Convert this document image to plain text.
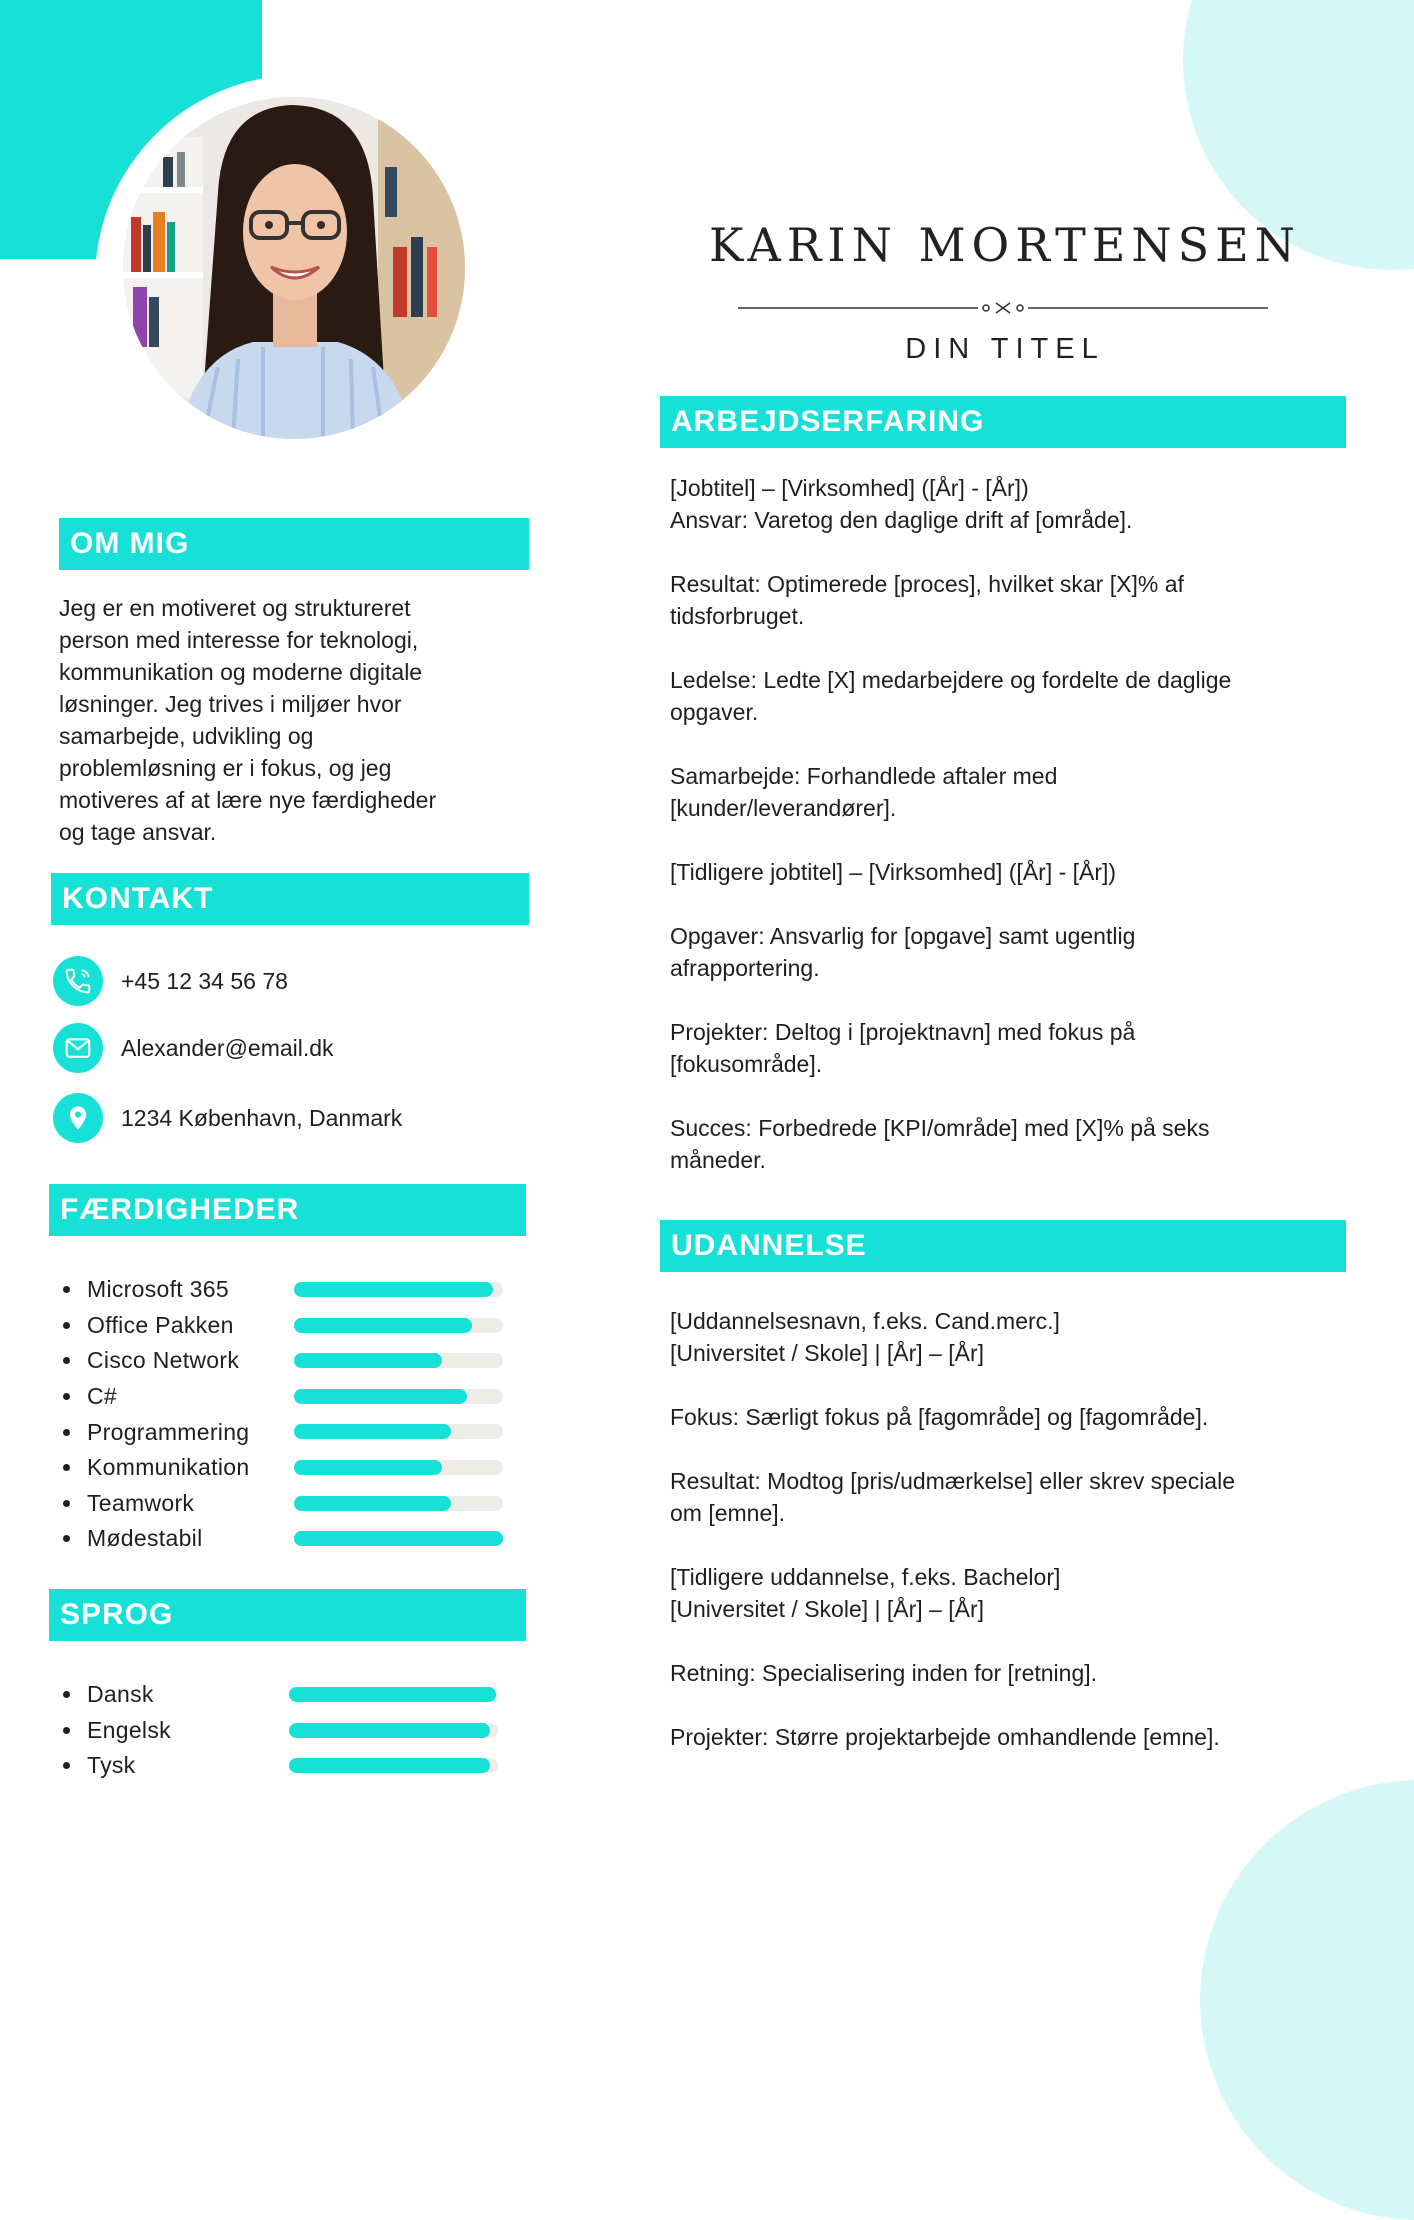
KARIN MORTENSEN
DIN TITEL
OM MIG
Jeg er en motiveret og struktureret
person med interesse for teknologi,
kommunikation og moderne digitale
løsninger. Jeg trives i miljøer hvor
samarbejde, udvikling og
problemløsning er i fokus, og jeg
motiveres af at lære nye færdigheder
og tage ansvar.
KONTAKT
+45 12 34 56 78
Alexander@email.dk
1234 København, Danmark
FÆRDIGHEDER
Microsoft 365
Office Pakken
Cisco Network
C#
Programmering
Kommunikation
Teamwork
Mødestabil
SPROG
Dansk
Engelsk
Tysk
ARBEJDSERFARING

[Jobtitel] – [Virksomhed] ([År] - [År])
Ansvar: Varetog den daglige drift af [område].

Resultat: Optimerede [proces], hvilket skar [X]% af
tidsforbruget.

Ledelse: Ledte [X] medarbejdere og fordelte de daglige
opgaver.

Samarbejde: Forhandlede aftaler med
[kunder/leverandører].

[Tidligere jobtitel] – [Virksomhed] ([År] - [År])

Opgaver: Ansvarlig for [opgave] samt ugentlig
afrapportering.

Projekter: Deltog i [projektnavn] med fokus på
[fokusområde].

Succes: Forbedrede [KPI/område] med [X]% på seks
måneder.

UDANNELSE

[Uddannelsesnavn, f.eks. Cand.merc.]
[Universitet / Skole] | [År] – [År]

Fokus: Særligt fokus på [fagområde] og [fagområde].

Resultat: Modtog [pris/udmærkelse] eller skrev speciale
om [emne].

[Tidligere uddannelse, f.eks. Bachelor]
[Universitet / Skole] | [År] – [År]

Retning: Specialisering inden for [retning].

Projekter: Større projektarbejde omhandlende [emne].
